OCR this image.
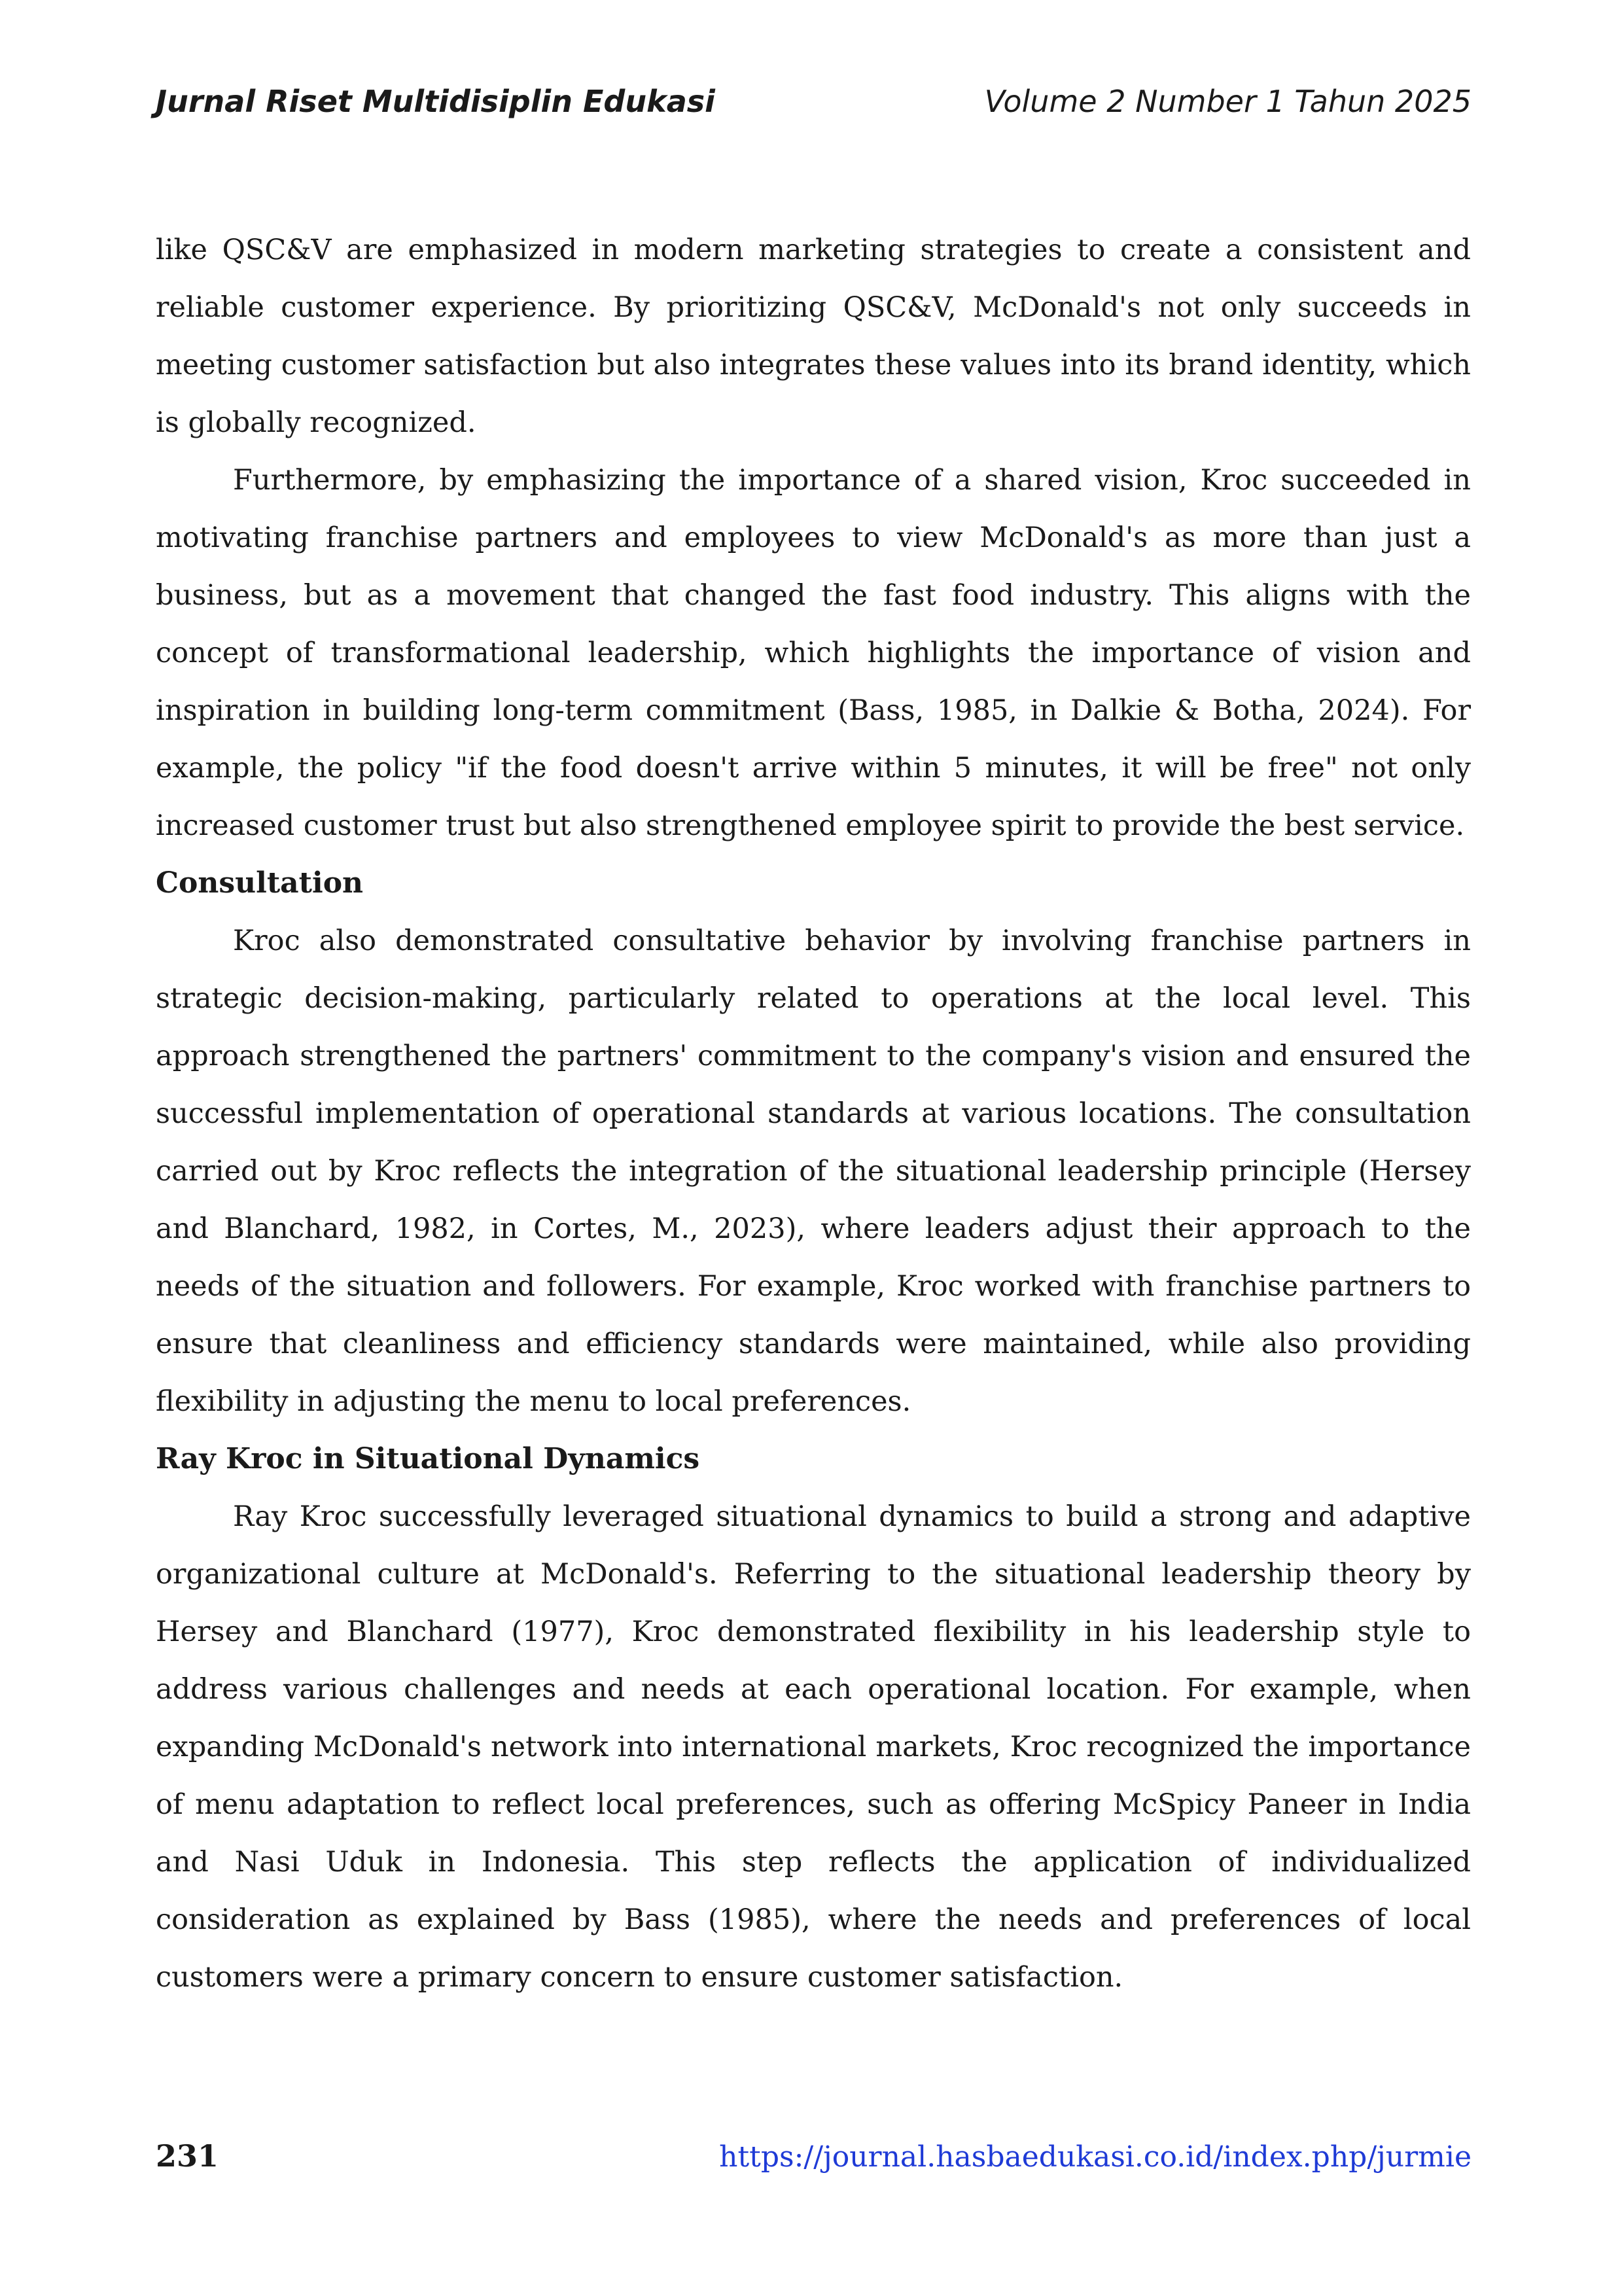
Jurnal Riset Multidisiplin Edukasi	Volume 2 Number 1 Tahun 2025

like QSC&V are emphasized in modern marketing strategies to create a consistent and reliable customer experience. By prioritizing QSC&V, McDonald's not only succeeds in meeting customer satisfaction but also integrates these values into its brand identity, which is globally recognized.

Furthermore, by emphasizing the importance of a shared vision, Kroc succeeded in motivating franchise partners and employees to view McDonald's as more than just a business, but as a movement that changed the fast food industry. This aligns with the concept of transformational leadership, which highlights the importance of vision and inspiration in building long-term commitment (Bass, 1985, in Dalkie & Botha, 2024). For example, the policy "if the food doesn't arrive within 5 minutes, it will be free" not only increased customer trust but also strengthened employee spirit to provide the best service.

Consultation

Kroc also demonstrated consultative behavior by involving franchise partners in strategic decision-making, particularly related to operations at the local level. This approach strengthened the partners' commitment to the company's vision and ensured the successful implementation of operational standards at various locations. The consultation carried out by Kroc reflects the integration of the situational leadership principle (Hersey and Blanchard, 1982, in Cortes, M., 2023), where leaders adjust their approach to the needs of the situation and followers. For example, Kroc worked with franchise partners to ensure that cleanliness and efficiency standards were maintained, while also providing flexibility in adjusting the menu to local preferences.

Ray Kroc in Situational Dynamics

Ray Kroc successfully leveraged situational dynamics to build a strong and adaptive organizational culture at McDonald's. Referring to the situational leadership theory by Hersey and Blanchard (1977), Kroc demonstrated flexibility in his leadership style to address various challenges and needs at each operational location. For example, when expanding McDonald's network into international markets, Kroc recognized the importance of menu adaptation to reflect local preferences, such as offering McSpicy Paneer in India and Nasi Uduk in Indonesia. This step reflects the application of individualized consideration as explained by Bass (1985), where the needs and preferences of local customers were a primary concern to ensure customer satisfaction.

231	https://journal.hasbaedukasi.co.id/index.php/jurmie
